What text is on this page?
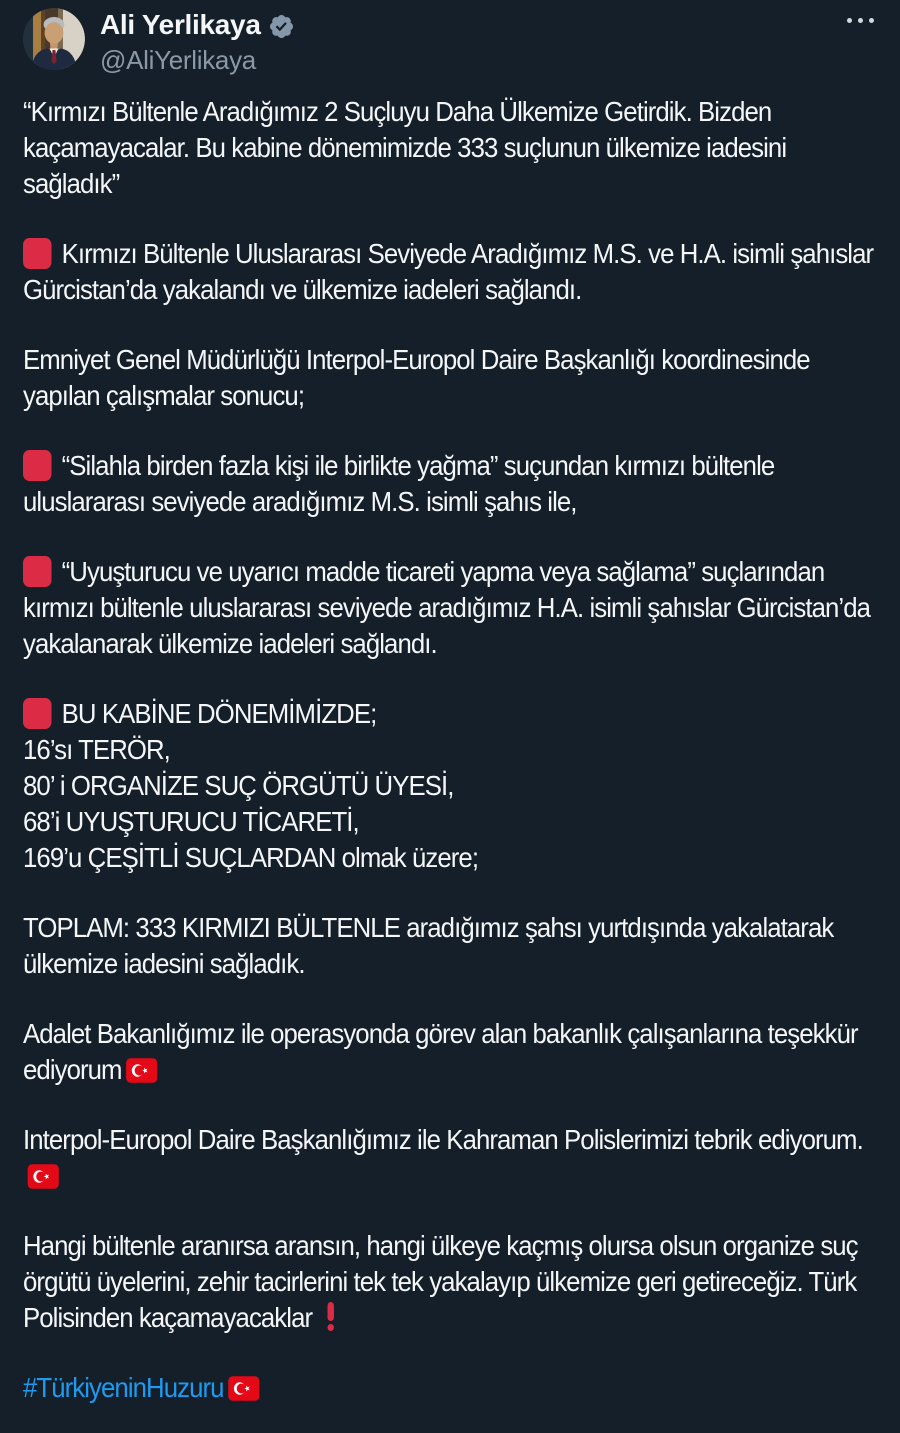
Ali Yerlikaya
@AliYerlikaya

“Kırmızı Bültenle Aradığımız 2 Suçluyu Daha Ülkemize Getirdik. Bizden kaçamayacalar. Bu kabine dönemimizde 333 suçlunun ülkemize iadesini sağladık”

Kırmızı Bültenle Uluslararası Seviyede Aradığımız M.S. ve H.A. isimli şahıslar Gürcistan’da yakalandı ve ülkemize iadeleri sağlandı.

Emniyet Genel Müdürlüğü Interpol-Europol Daire Başkanlığı koordinesinde yapılan çalışmalar sonucu;

“Silahla birden fazla kişi ile birlikte yağma” suçundan kırmızı bültenle uluslararası seviyede aradığımız M.S. isimli şahıs ile,

“Uyuşturucu ve uyarıcı madde ticareti yapma veya sağlama” suçlarından kırmızı bültenle uluslararası seviyede aradığımız H.A. isimli şahıslar Gürcistan’da yakalanarak ülkemize iadeleri sağlandı.

BU KABİNE DÖNEMİMİZDE;
16’sı TERÖR,
80’ i ORGANİZE SUÇ ÖRGÜTÜ ÜYESİ,
68’i UYUŞTURUCU TİCARETİ,
169’u ÇEŞİTLİ SUÇLARDAN olmak üzere;

TOPLAM: 333 KIRMIZI BÜLTENLE aradığımız şahsı yurtdışında yakalatarak ülkemize iadesini sağladık.

Adalet Bakanlığımız ile operasyonda görev alan bakanlık çalışanlarına teşekkür ediyorum

Interpol-Europol Daire Başkanlığımız ile Kahraman Polislerimizi tebrik ediyorum.

Hangi bültenle aranırsa aransın, hangi ülkeye kaçmış olursa olsun organize suç örgütü üyelerini, zehir tacirlerini tek tek yakalayıp ülkemize geri getireceğiz. Türk Polisinden kaçamayacaklar

#TürkiyeninHuzuru
